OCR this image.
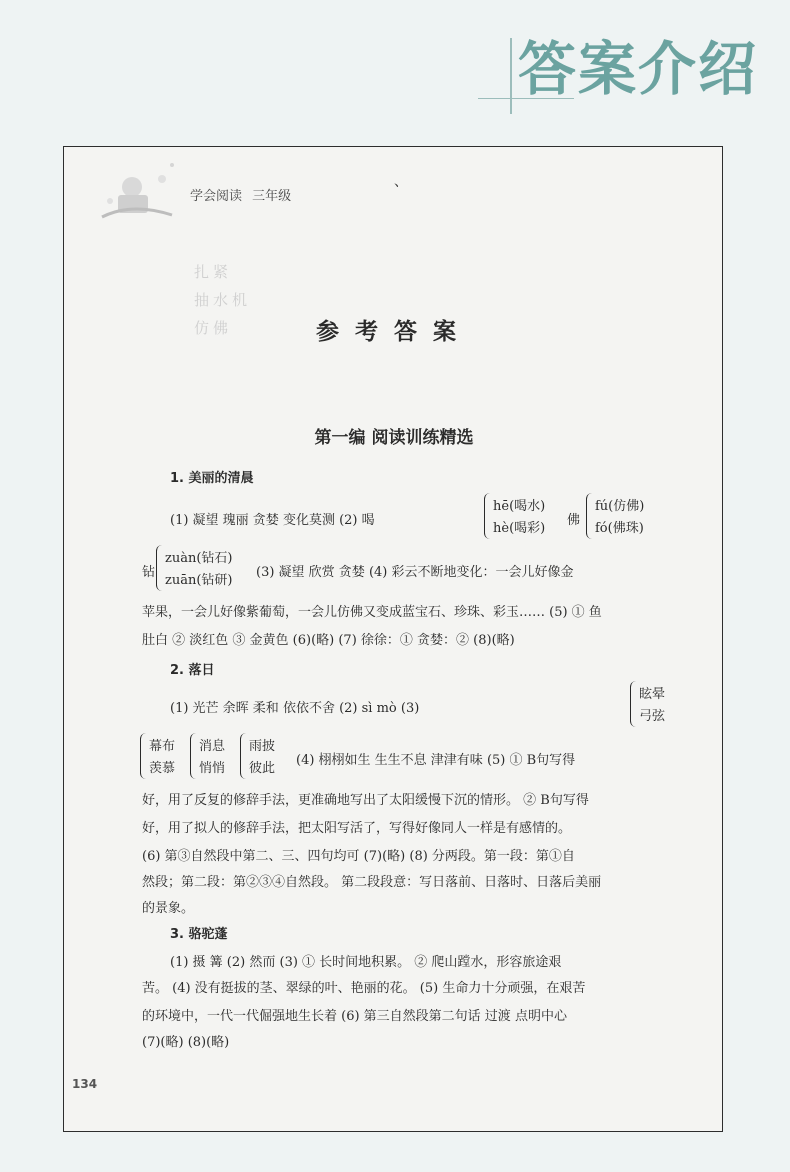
答案介绍
学会阅读 三年级
、
扎紧
抽水机
仿佛	参考答案
第一编 阅读训练精选
1. 美丽的清晨
(1) 凝望 瑰丽 贪婪 变化莫测 (2) 喝
hē(喝水)
hè(喝彩)
佛
fú(仿佛)
fó(佛珠)
钻
zuàn(钻石)
zuān(钻研)
(3) 凝望 欣赏 贪婪 (4) 彩云不断地变化：一会儿好像金
苹果，一会儿好像紫葡萄，一会儿仿佛又变成蓝宝石、珍珠、彩玉…… (5) ① 鱼
肚白 ② 淡红色 ③ 金黄色 (6)(略) (7) 徐徐：① 贪婪：② (8)(略)
2. 落日
(1) 光芒 余晖 柔和 依依不舍 (2) sì mò (3)
眩晕
弓弦
幕布
羡慕
消息
悄悄
雨披
彼此
(4) 栩栩如生 生生不息 津津有味 (5) ① B句写得
好，用了反复的修辞手法，更准确地写出了太阳缓慢下沉的情形。 ② B句写得
好，用了拟人的修辞手法，把太阳写活了，写得好像同人一样是有感情的。
(6) 第③自然段中第二、三、四句均可 (7)(略) (8) 分两段。第一段：第①自
然段；第二段：第②③④自然段。 第二段段意：写日落前、日落时、日落后美丽
的景象。
3. 骆驼蓬
(1) 摄 篝 (2) 然而 (3) ① 长时间地积累。 ② 爬山蹚水，形容旅途艰
苦。 (4) 没有挺拔的茎、翠绿的叶、艳丽的花。 (5) 生命力十分顽强，在艰苦
的环境中，一代一代倔强地生长着 (6) 第三自然段第二句话 过渡 点明中心
(7)(略) (8)(略)
134
